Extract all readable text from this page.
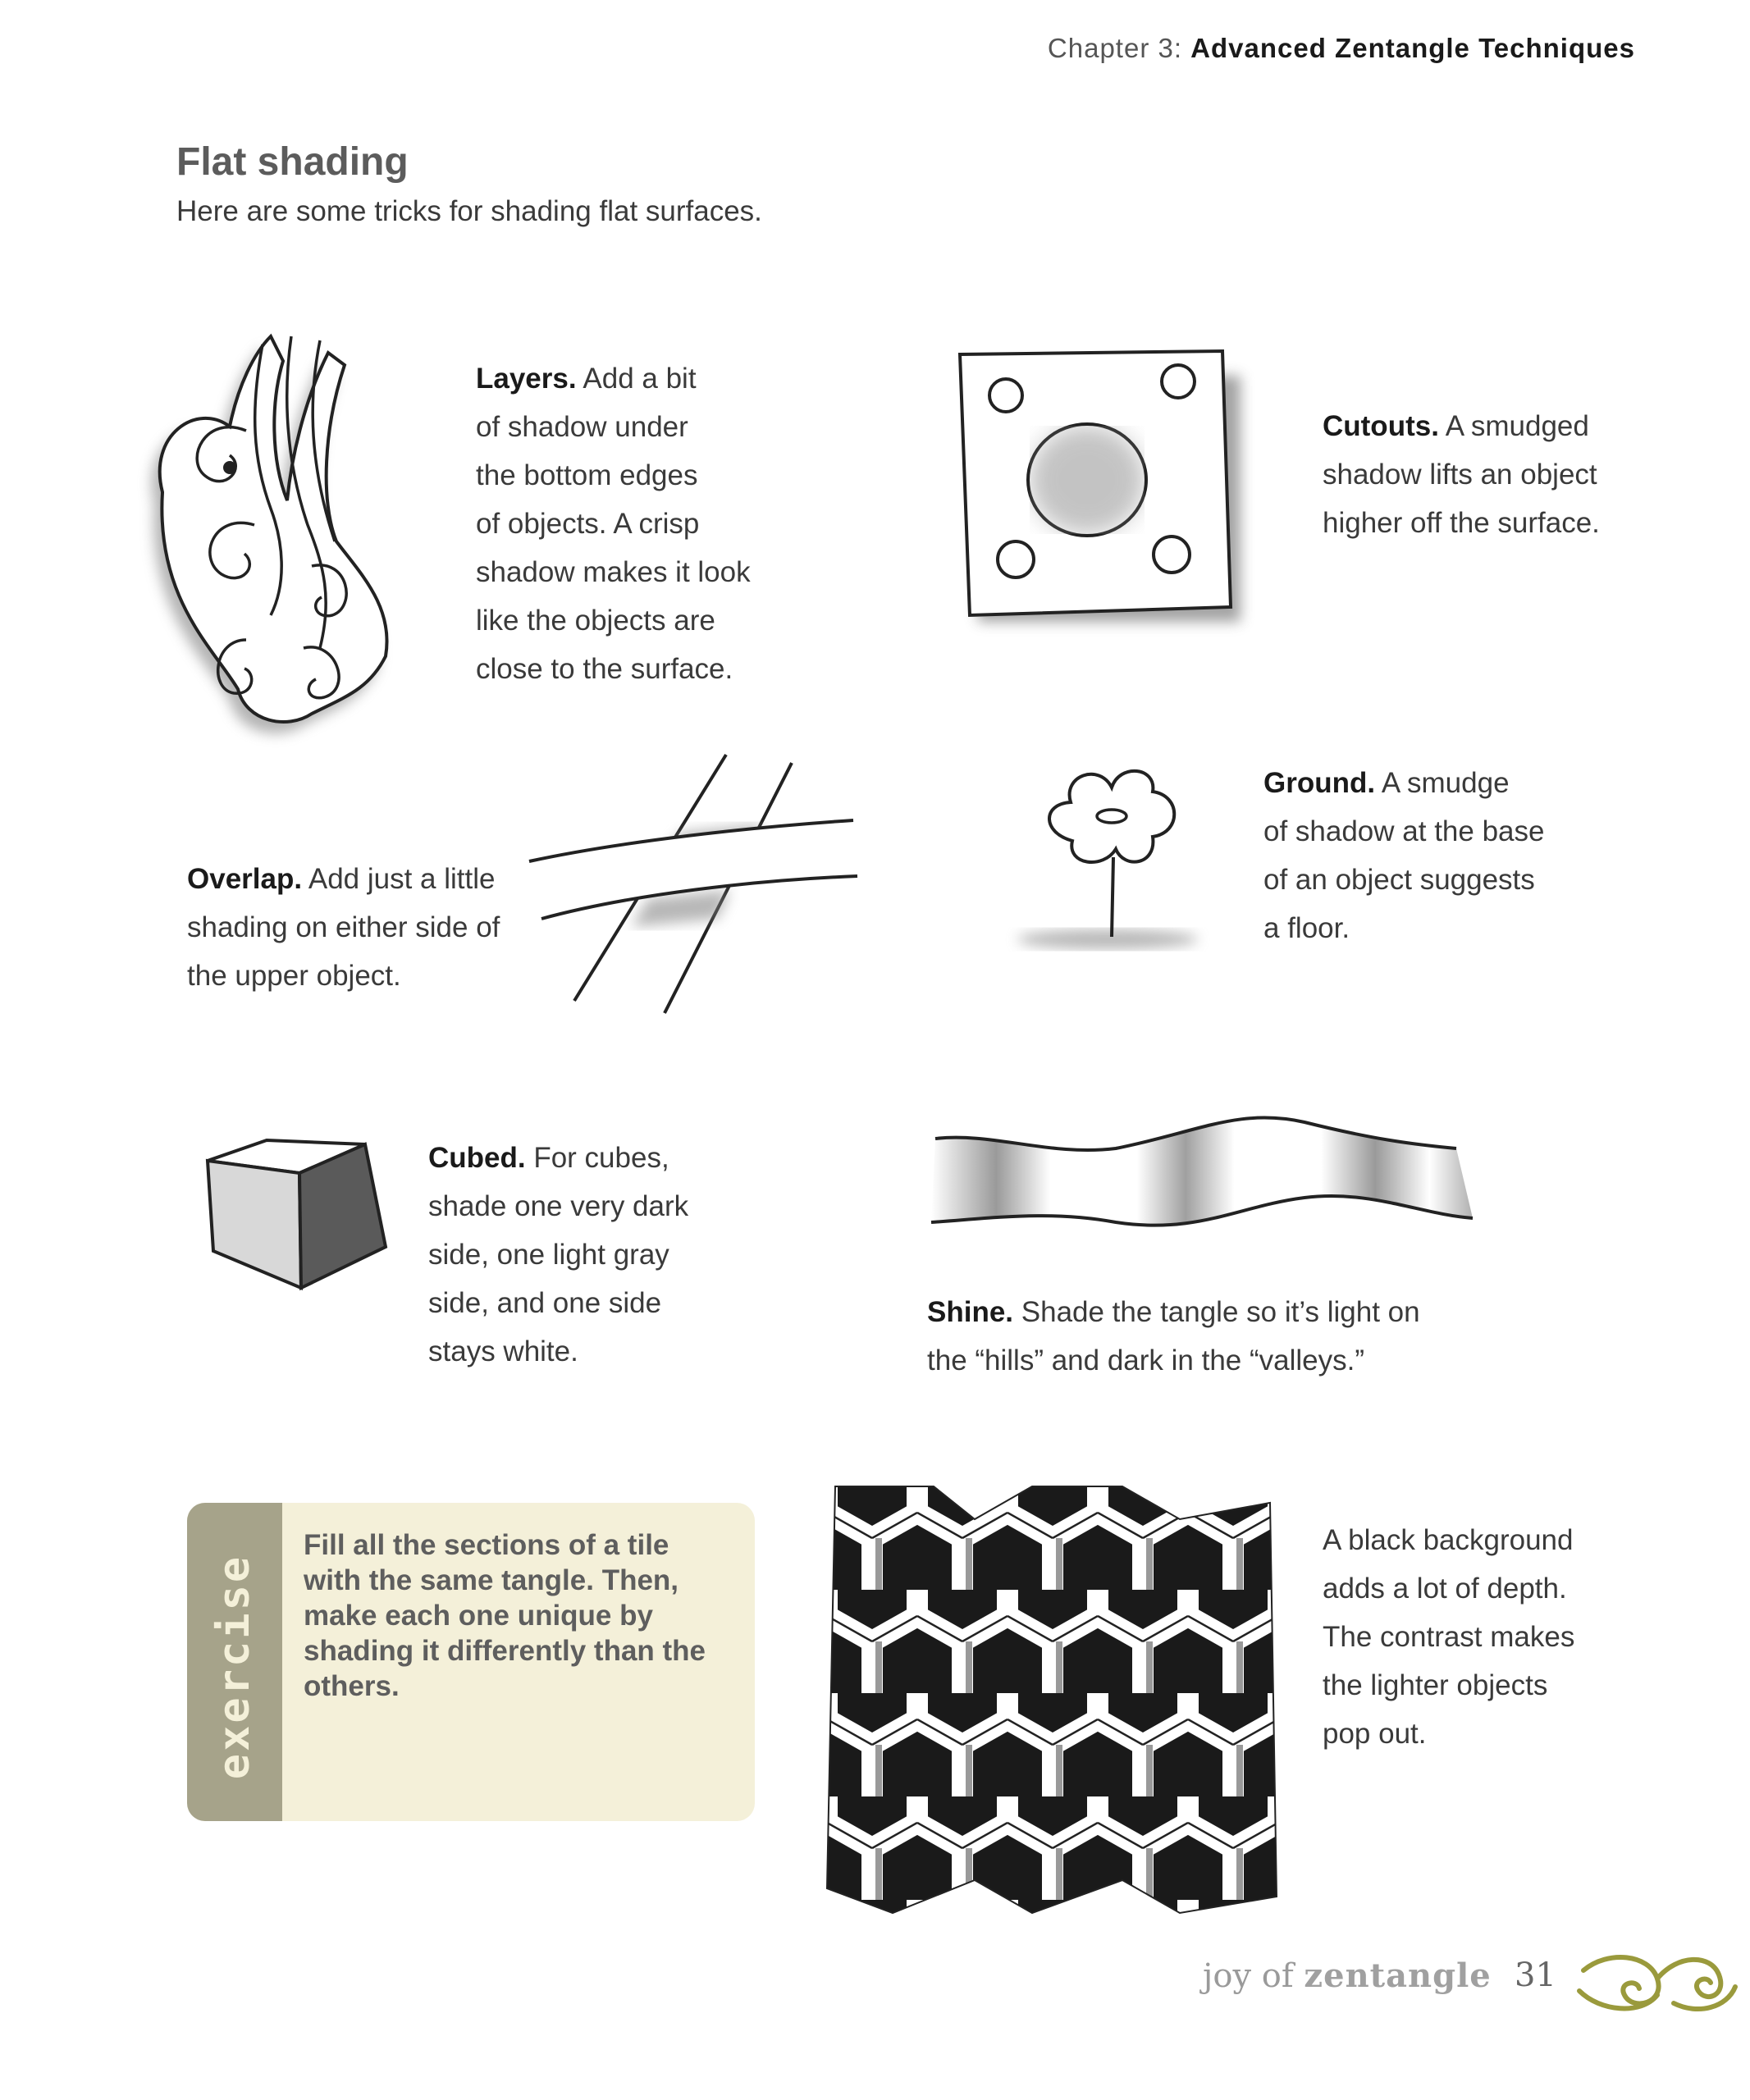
Chapter 3: Advanced Zentangle Techniques
Flat shading
Here are some tricks for shading flat surfaces.
Layers. Add a bit
of shadow under
the bottom edges
of objects. A crisp
shadow makes it look
like the objects are
close to the surface.
Cutouts. A smudged
shadow lifts an object
higher off the surface.
Overlap. Add just a little
shading on either side of
the upper object.
Ground. A smudge
of shadow at the base
of an object suggests
a floor.
Cubed. For cubes,
shade one very dark
side, one light gray
side, and one side
stays white.
Shine. Shade the tangle so it’s light on
the “hills” and dark in the “valleys.”
exercise
Fill all the sections of a tile with the same tangle. Then, make each one unique by shading it differently than the others.
A black background
adds a lot of depth.
The contrast makes
the lighter objects
pop out.
joy of zentangle 31
